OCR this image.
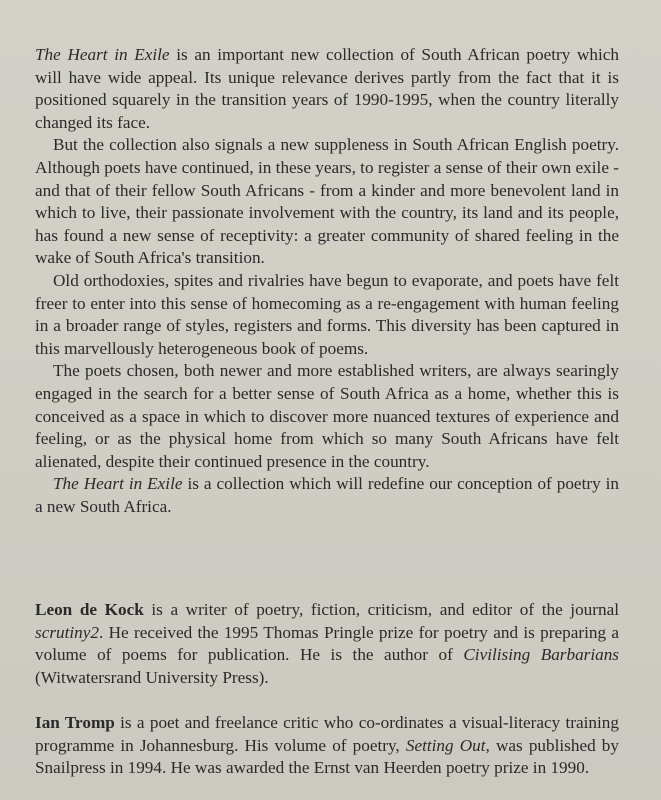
The Heart in Exile is an important new collection of South African poetry which will have wide appeal. Its unique relevance derives partly from the fact that it is positioned squarely in the transition years of 1990-1995, when the country literally changed its face.

But the collection also signals a new suppleness in South African English poetry. Although poets have continued, in these years, to register a sense of their own exile - and that of their fellow South Africans - from a kinder and more benevolent land in which to live, their passionate involvement with the country, its land and its people, has found a new sense of receptivity: a greater community of shared feeling in the wake of South Africa's transition.

Old orthodoxies, spites and rivalries have begun to evaporate, and poets have felt freer to enter into this sense of homecoming as a re-engagement with human feeling in a broader range of styles, registers and forms. This diversity has been captured in this marvellously heterogeneous book of poems.

The poets chosen, both newer and more established writers, are always searingly engaged in the search for a better sense of South Africa as a home, whether this is conceived as a space in which to discover more nuanced textures of experience and feeling, or as the physical home from which so many South Africans have felt alienated, despite their continued presence in the country.

The Heart in Exile is a collection which will redefine our conception of poetry in a new South Africa.

Leon de Kock is a writer of poetry, fiction, criticism, and editor of the journal scrutiny2. He received the 1995 Thomas Pringle prize for poetry and is preparing a volume of poems for publication. He is the author of Civilising Barbarians (Witwatersrand University Press).

Ian Tromp is a poet and freelance critic who co-ordinates a visual-literacy training programme in Johannesburg. His volume of poetry, Setting Out, was published by Snailpress in 1994. He was awarded the Ernst van Heerden poetry prize in 1990.
